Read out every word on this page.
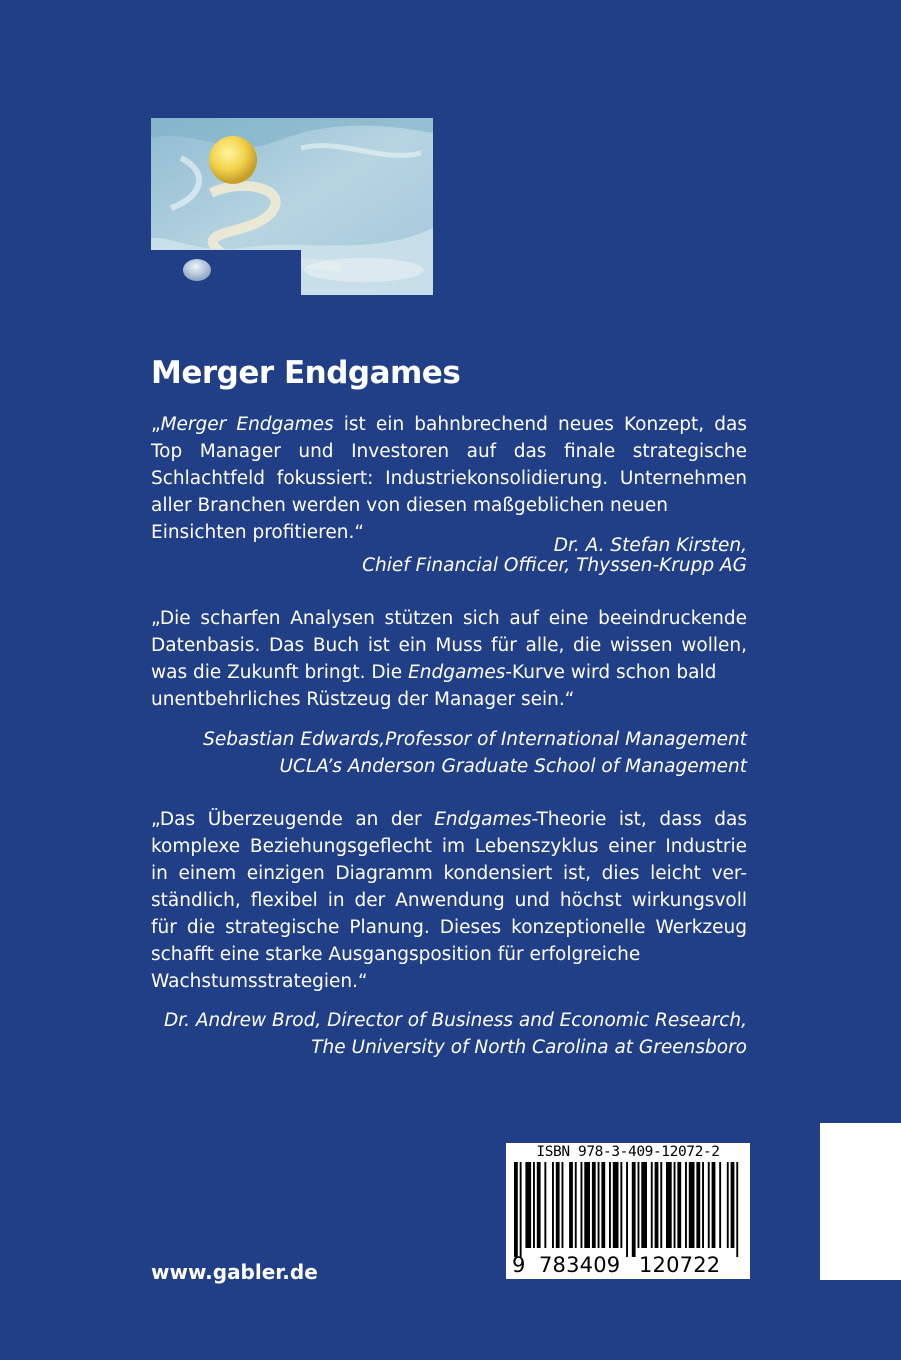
Merger Endgames
„Merger Endgames ist ein bahnbrechend neues Konzept, das Top Manager und Investoren auf das finale strategische Schlachtfeld fokussiert: Industriekonsolidierung. Unternehmen aller Branchen werden von diesen maßgeblichen neuen
Einsichten profitieren.“
Dr. A. Stefan Kirsten,
Chief Financial Officer, Thyssen-Krupp AG
„Die scharfen Analysen stützen sich auf eine beeindruckende Datenbasis. Das Buch ist ein Muss für alle, die wissen wollen, was die Zukunft bringt. Die Endgames-Kurve wird schon bald
unentbehrliches Rüstzeug der Manager sein.“
Sebastian Edwards,Professor of International Management
UCLA’s Anderson Graduate School of Management
„Das Überzeugende an der Endgames-Theorie ist, dass das komplexe Beziehungsgeflecht im Lebenszyklus einer Industrie in einem einzigen Diagramm kondensiert ist, dies leicht ver- ständlich, flexibel in der Anwendung und höchst wirkungsvoll für die strategische Planung. Dieses konzeptionelle Werkzeug schafft eine starke Ausgangsposition für erfolgreiche
Wachstumsstrategien.“
Dr. Andrew Brod, Director of Business and Economic Research,
The University of North Carolina at Greensboro
ISBN 978-3-409-12072-2
9 783409 120722
www.gabler.de
